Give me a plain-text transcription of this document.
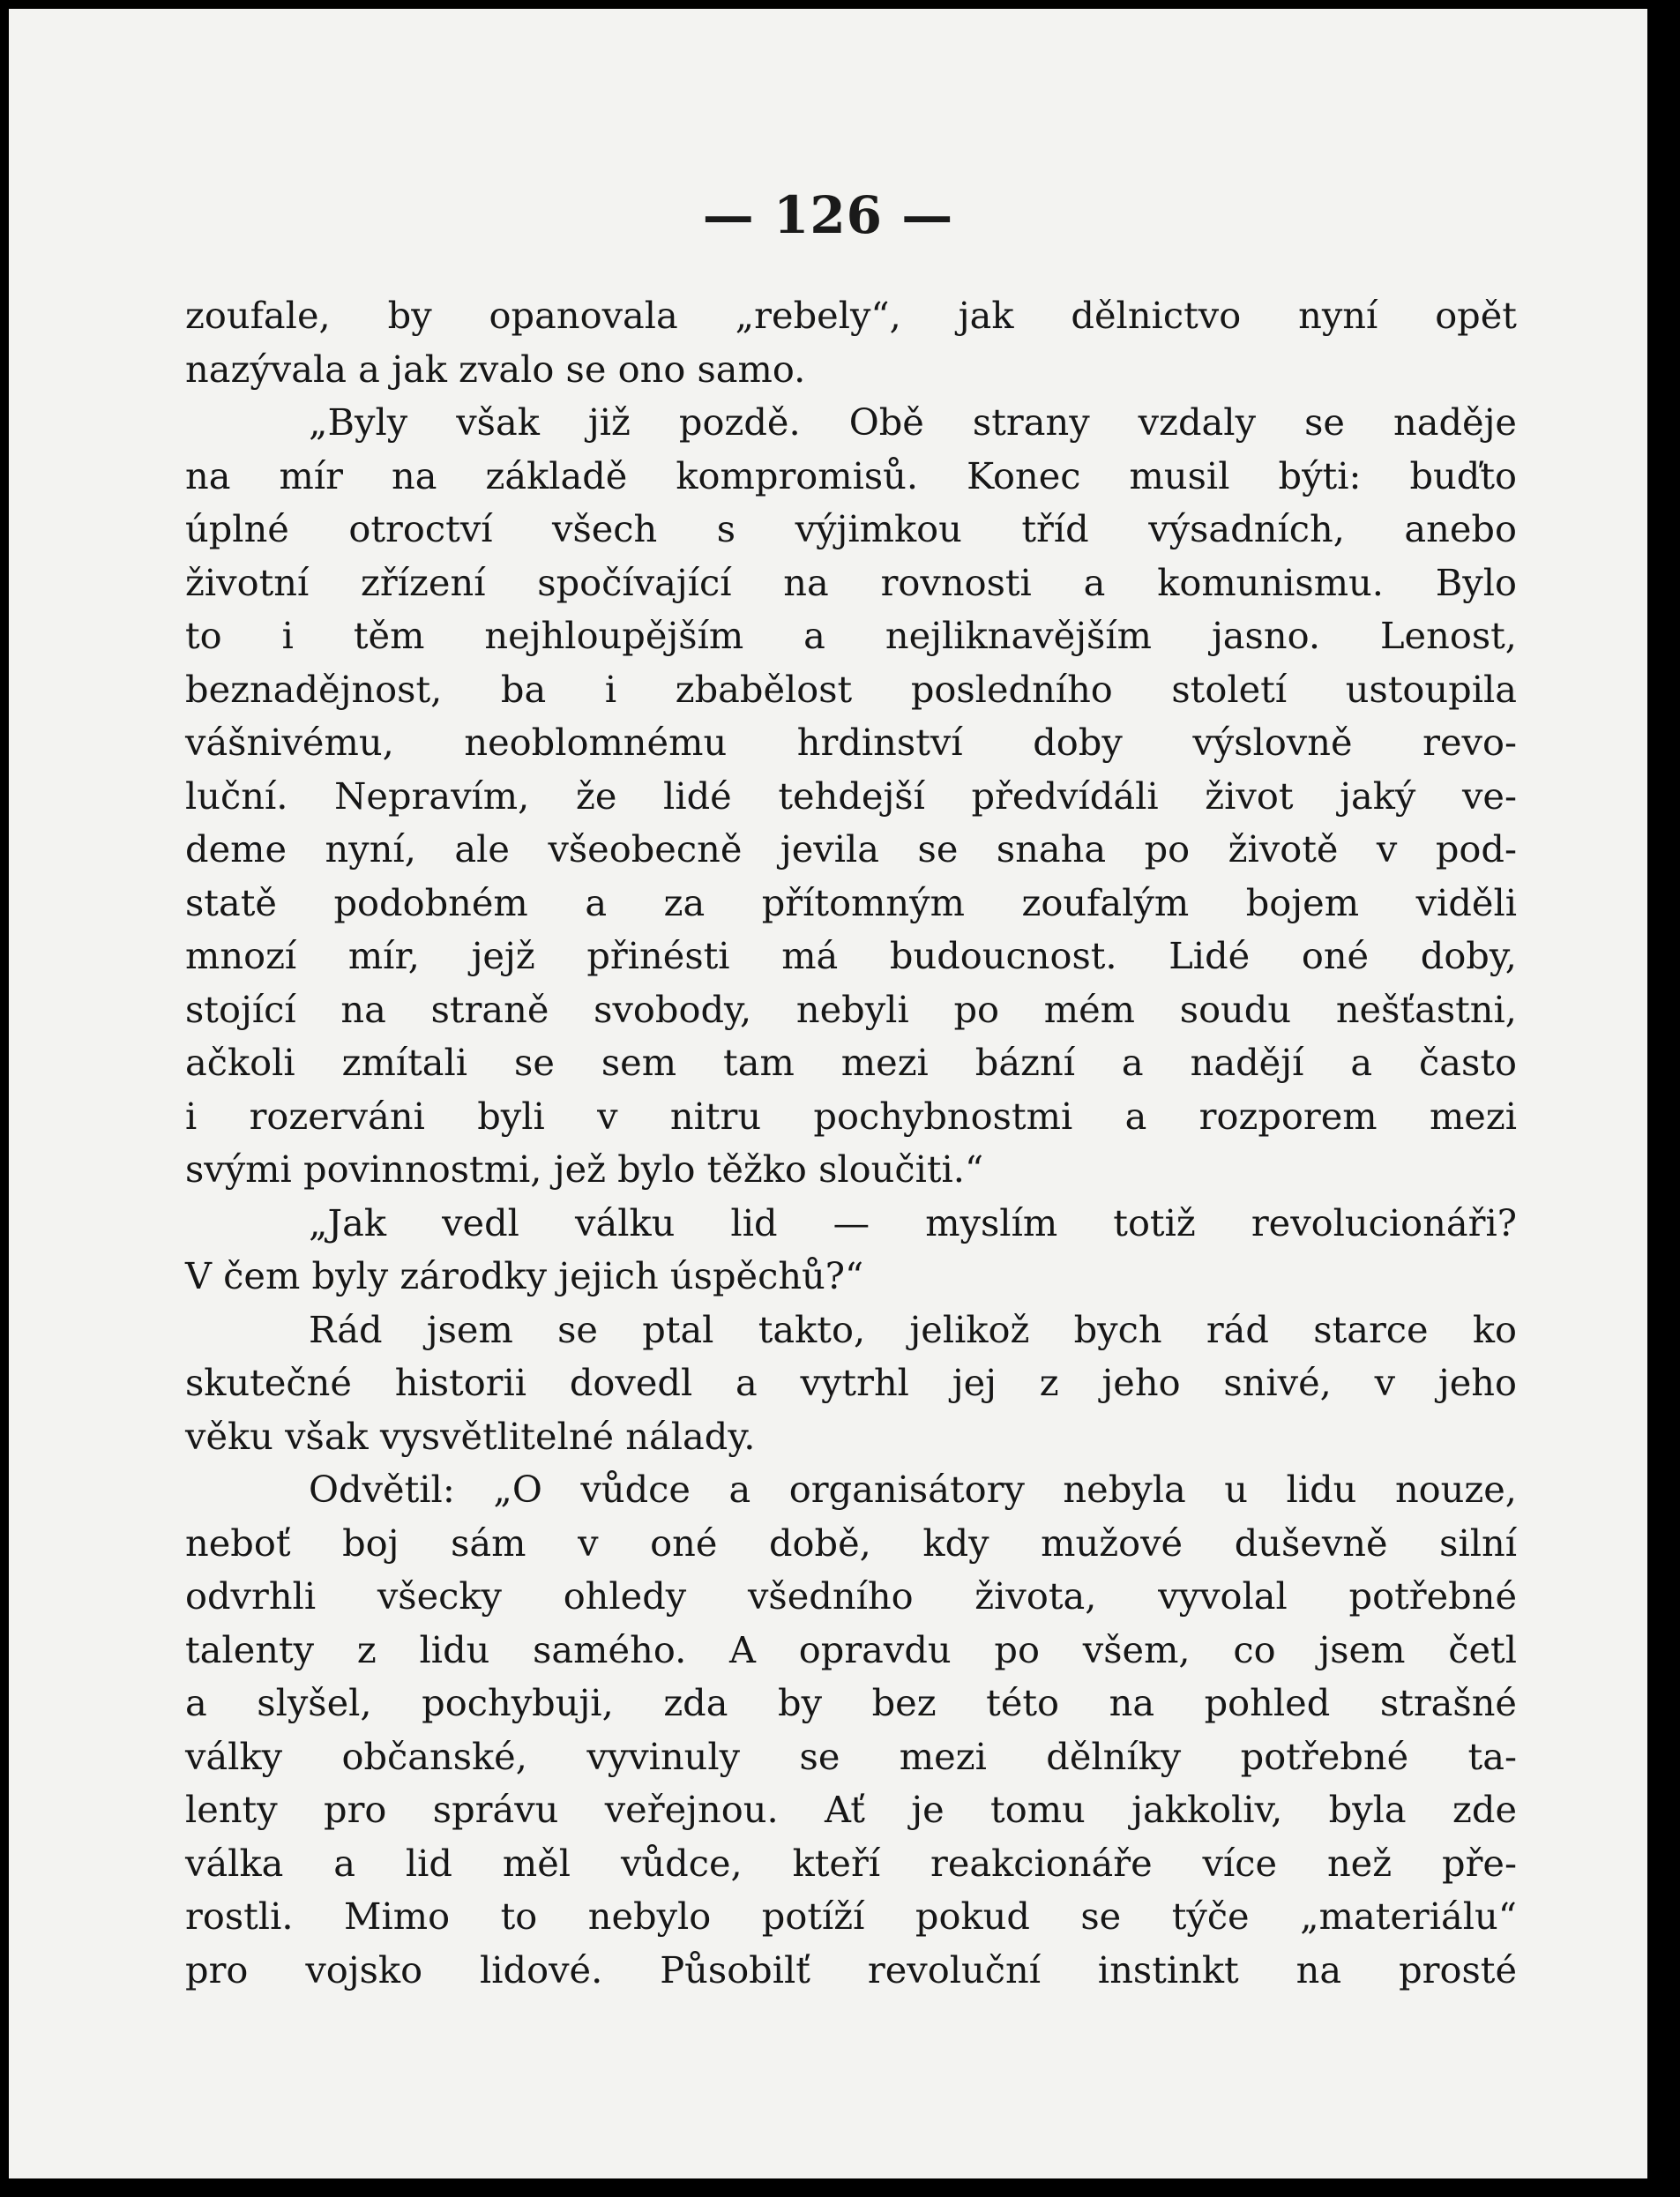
— 126 —
zoufale, by opanovala „rebely“, jak dělnictvo nyní opět
nazývala a jak zvalo se ono samo.
„Byly však již pozdě. Obě strany vzdaly se naděje
na mír na základě kompromisů. Konec musil býti: buďto
úplné otroctví všech s výjimkou tříd výsadních, anebo
životní zřízení spočívající na rovnosti a komunismu. Bylo
to i těm nejhloupějším a nejliknavějším jasno. Lenost,
beznadějnost, ba i zbabělost posledního století ustoupila
vášnivému, neoblomnému hrdinství doby výslovně revo-
luční. Nepravím, že lidé tehdejší předvídáli život jaký ve-
deme nyní, ale všeobecně jevila se snaha po životě v pod-
statě podobném a za přítomným zoufalým bojem viděli
mnozí mír, jejž přinésti má budoucnost. Lidé oné doby,
stojící na straně svobody, nebyli po mém soudu nešťastni,
ačkoli zmítali se sem tam mezi bázní a nadějí a často
i rozerváni byli v nitru pochybnostmi a rozporem mezi
svými povinnostmi, jež bylo těžko sloučiti.“
„Jak vedl válku lid — myslím totiž revolucionáři?
V čem byly zárodky jejich úspěchů?“
Rád jsem se ptal takto, jelikož bych rád starce ko
skutečné historii dovedl a vytrhl jej z jeho snivé, v jeho
věku však vysvětlitelné nálady.
Odvětil: „O vůdce a organisátory nebyla u lidu nouze,
neboť boj sám v oné době, kdy mužové duševně silní
odvrhli všecky ohledy všedního života, vyvolal potřebné
talenty z lidu samého. A opravdu po všem, co jsem četl
a slyšel, pochybuji, zda by bez této na pohled strašné
války občanské, vyvinuly se mezi dělníky potřebné ta-
lenty pro správu veřejnou. Ať je tomu jakkoliv, byla zde
válka a lid měl vůdce, kteří reakcionáře více než pře-
rostli. Mimo to nebylo potíží pokud se týče „materiálu“
pro vojsko lidové. Působilť revoluční instinkt na prosté
